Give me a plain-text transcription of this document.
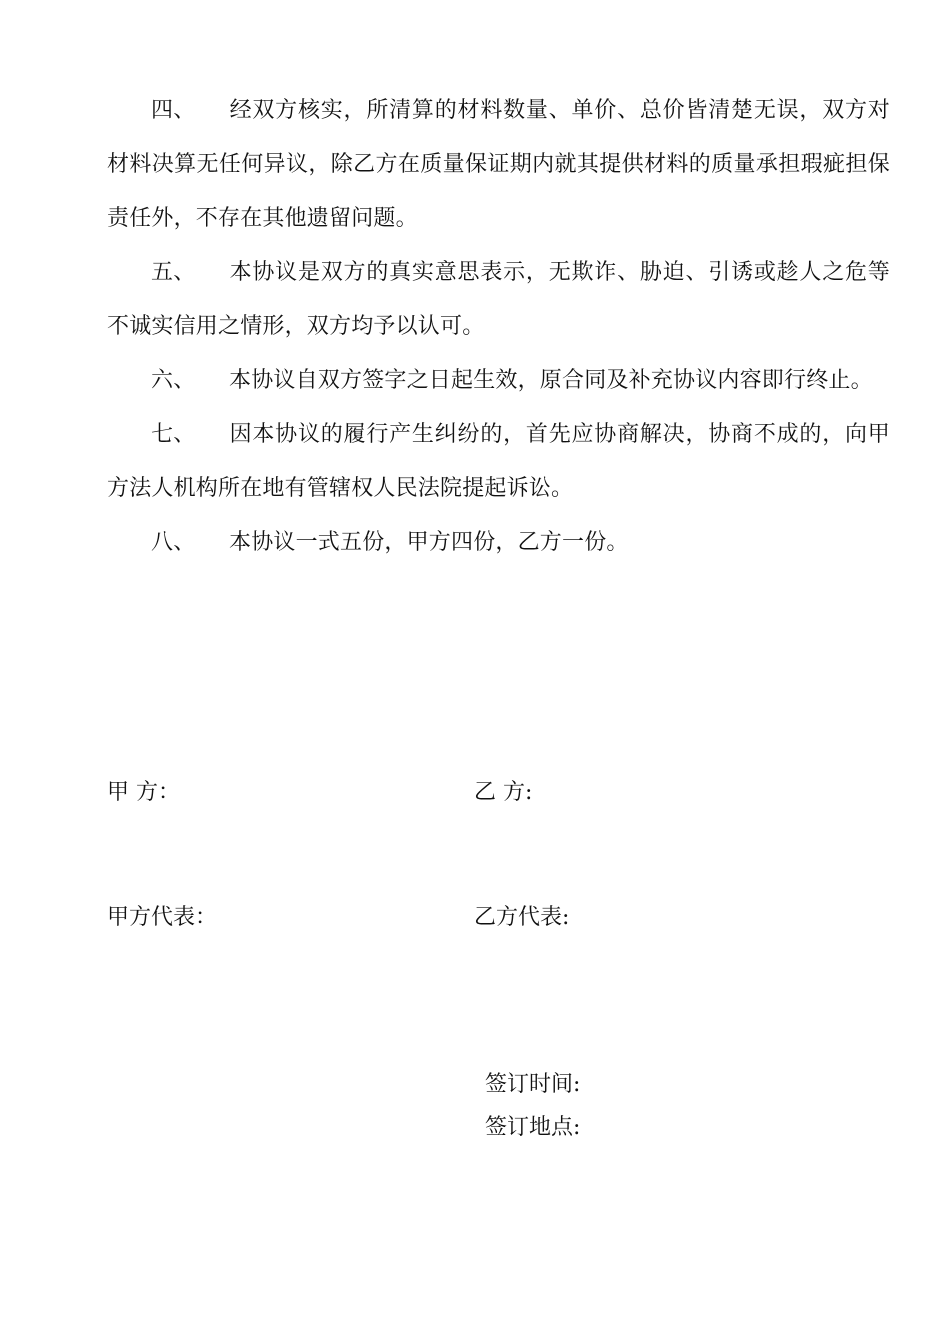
四、 经双方核实，所清算的材料数量、单价、总价皆清楚无误，双方对材料决算无任何异议，除乙方在质量保证期内就其提供材料的质量承担瑕疵担保责任外，不存在其他遗留问题。

五、 本协议是双方的真实意思表示，无欺诈、胁迫、引诱或趁人之危等不诚实信用之情形，双方均予以认可。

六、 本协议自双方签字之日起生效，原合同及补充协议内容即行终止。

七、 因本协议的履行产生纠纷的，首先应协商解决，协商不成的，向甲方法人机构所在地有管辖权人民法院提起诉讼。

八、 本协议一式五份，甲方四份，乙方一份。

甲 方：	乙 方:
甲方代表：	乙方代表:
签订时间:
签订地点:
